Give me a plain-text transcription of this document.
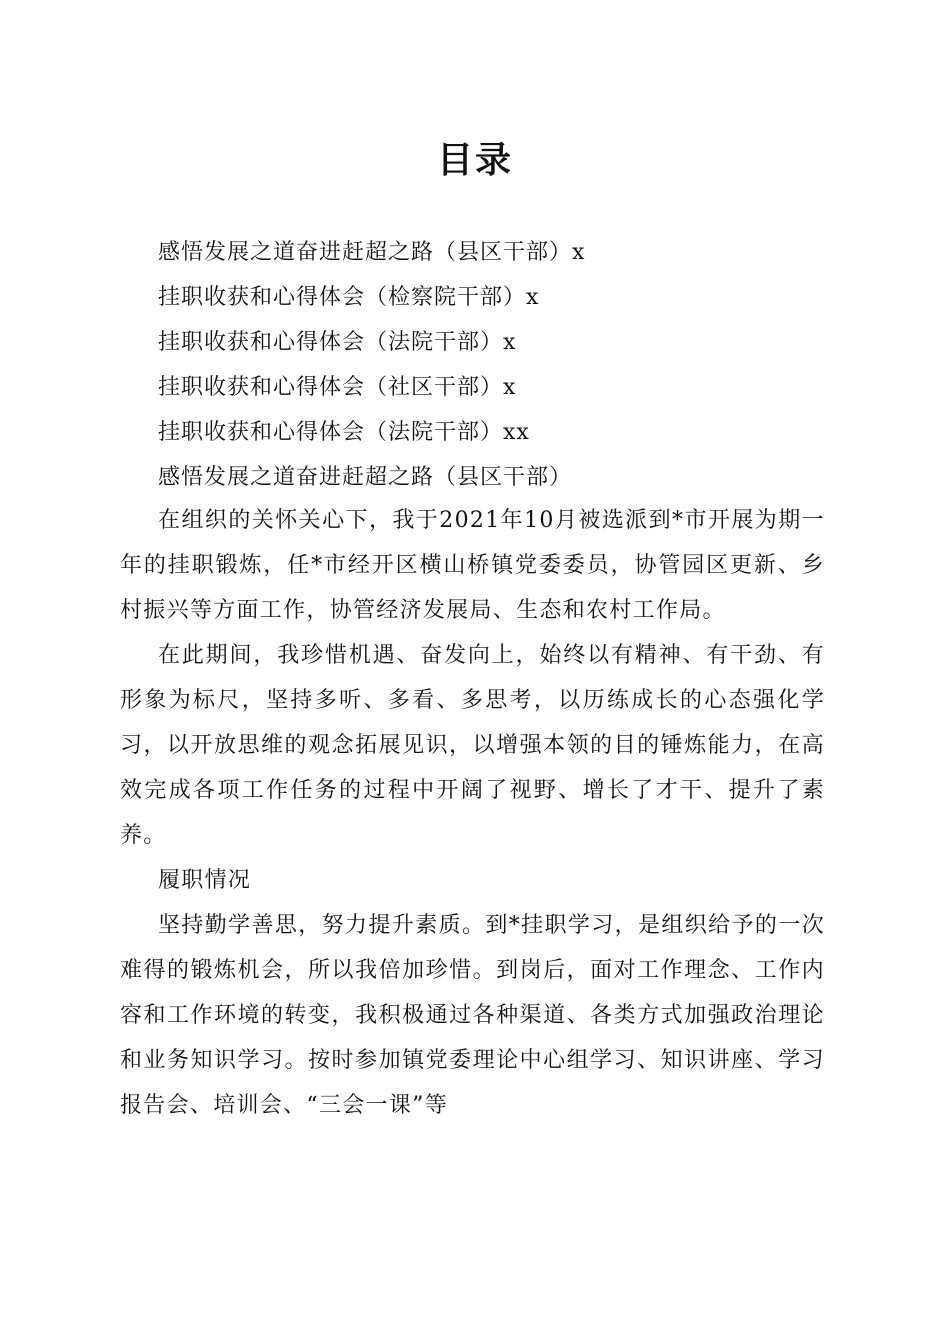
目录
感悟发展之道奋进赶超之路（县区干部）x
挂职收获和心得体会（检察院干部）x
挂职收获和心得体会（法院干部）x
挂职收获和心得体会（社区干部）x
挂职收获和心得体会（法院干部）xx
感悟发展之道奋进赶超之路（县区干部）

在组织的关怀关心下，我于2021年10月被选派到*市开展为期一年的挂职锻炼，任*市经开区横山桥镇党委委员，协管园区更新、乡村振兴等方面工作，协管经济发展局、生态和农村工作局。

在此期间，我珍惜机遇、奋发向上，始终以有精神、有干劲、有形象为标尺，坚持多听、多看、多思考，以历练成长的心态强化学习，以开放思维的观念拓展见识，以增强本领的目的锤炼能力，在高效完成各项工作任务的过程中开阔了视野、增长了才干、提升了素养。

履职情况

坚持勤学善思，努力提升素质。到*挂职学习，是组织给予的一次难得的锻炼机会，所以我倍加珍惜。到岗后，面对工作理念、工作内容和工作环境的转变，我积极通过各种渠道、各类方式加强政治理论和业务知识学习。按时参加镇党委理论中心组学习、知识讲座、学习报告会、培训会、“三会一课”等
